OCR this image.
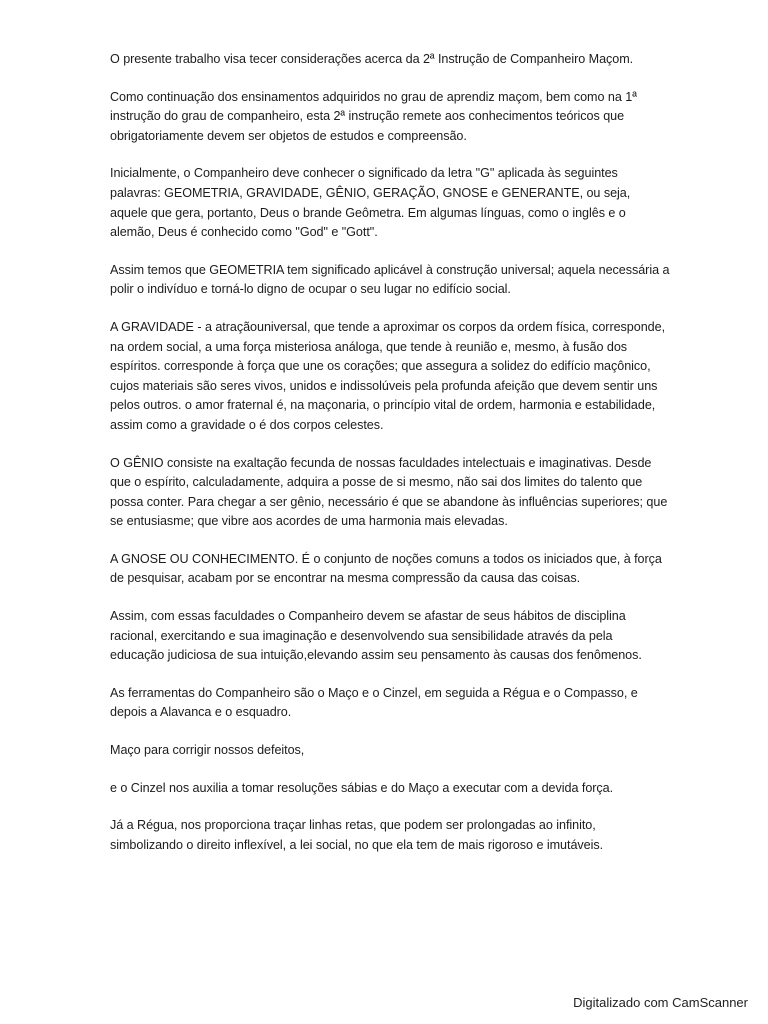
O presente trabalho visa tecer considerações acerca da 2ª Instrução de Companheiro Maçom.

Como continuação dos ensinamentos adquiridos no grau de aprendiz maçom, bem como na 1ª instrução do grau de companheiro, esta 2ª instrução remete aos conhecimentos teóricos que obrigatoriamente devem ser objetos de estudos e compreensão.

Inicialmente, o Companheiro deve conhecer o significado da letra "G" aplicada às seguintes palavras: GEOMETRIA, GRAVIDADE, GÊNIO, GERAÇÃO, GNOSE e GENERANTE, ou seja, aquele que gera, portanto, Deus o brande Geômetra. Em algumas línguas, como o inglês e o alemão, Deus é conhecido como "God" e "Gott".

Assim temos que GEOMETRIA tem significado aplicável à construção universal; aquela necessária a polir o indivíduo e torná-lo digno de ocupar o seu lugar no edifício social.

A GRAVIDADE - a atraçãouniversal, que tende a aproximar os corpos da ordem física, corresponde, na ordem social, a uma força misteriosa análoga, que tende à reunião e, mesmo, à fusão dos espíritos. corresponde à força que une os corações; que assegura a solidez do edifício maçônico, cujos materiais são seres vivos, unidos e indissolúveis pela profunda afeição que devem sentir uns pelos outros. o amor fraternal é, na maçonaria, o princípio vital de ordem, harmonia e estabilidade, assim como a gravidade o é dos corpos celestes.

O GÊNIO consiste na exaltação fecunda de nossas faculdades intelectuais e imaginativas. Desde que o espírito, calculadamente, adquira a posse de si mesmo, não sai dos limites do talento que possa conter. Para chegar a ser gênio, necessário é que se abandone às influências superiores; que se entusiasme; que vibre aos acordes de uma harmonia mais elevadas.

A GNOSE OU CONHECIMENTO. É o conjunto de noções comuns a todos os iniciados que, à força de pesquisar, acabam por se encontrar na mesma compressão da causa das coisas.

Assim, com essas faculdades o Companheiro devem se afastar de seus hábitos de disciplina racional, exercitando e sua imaginação e desenvolvendo sua sensibilidade através da pela educação judiciosa de sua intuição,elevando assim seu pensamento às causas dos fenômenos.

As ferramentas do Companheiro são o Maço e o Cinzel, em seguida a Régua e o Compasso, e depois a Alavanca e o esquadro.

Maço para corrigir nossos defeitos,

e o Cinzel nos auxilia a tomar resoluções sábias e do Maço a executar com a devida força.

Já a Régua, nos proporciona traçar linhas retas, que podem ser prolongadas ao infinito, simbolizando o direito inflexível, a lei social, no que ela tem de mais rigoroso e imutáveis.

Digitalizado com CamScanner
